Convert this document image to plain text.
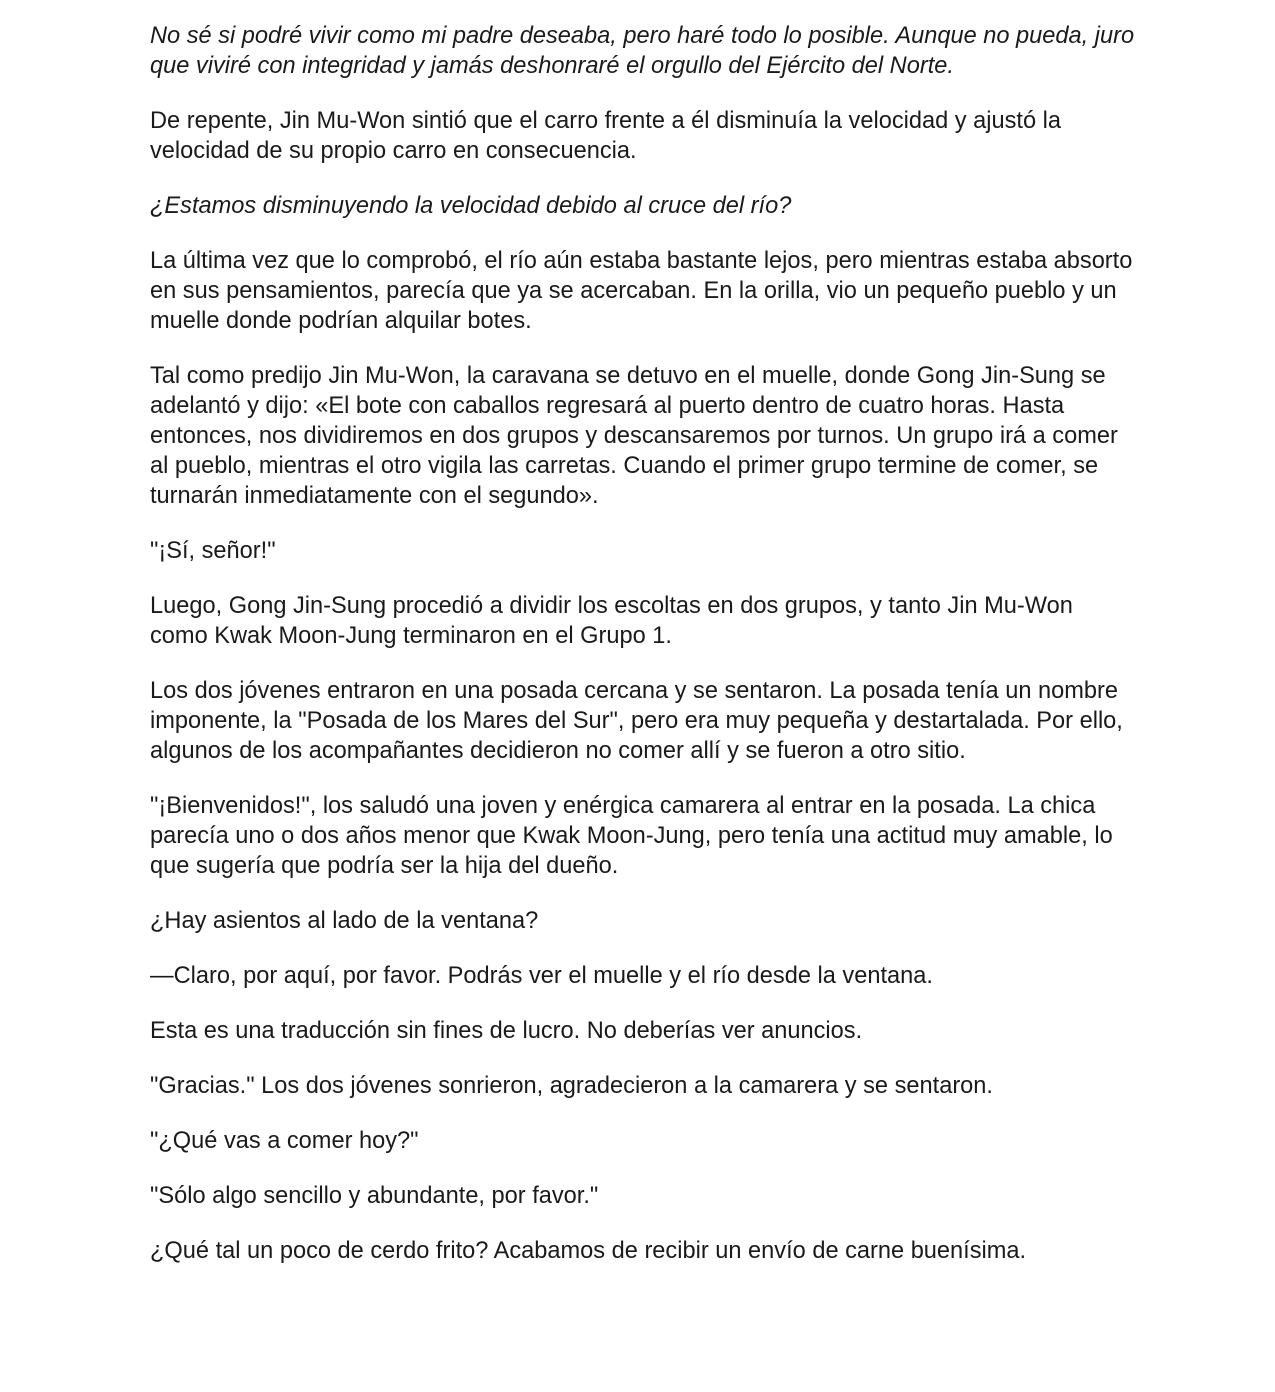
No sé si podré vivir como mi padre deseaba, pero haré todo lo posible. Aunque no pueda, juro que viviré con integridad y jamás deshonraré el orgullo del Ejército del Norte.

De repente, Jin Mu-Won sintió que el carro frente a él disminuía la velocidad y ajustó la velocidad de su propio carro en consecuencia.

¿Estamos disminuyendo la velocidad debido al cruce del río?

La última vez que lo comprobó, el río aún estaba bastante lejos, pero mientras estaba absorto en sus pensamientos, parecía que ya se acercaban. En la orilla, vio un pequeño pueblo y un muelle donde podrían alquilar botes.

Tal como predijo Jin Mu-Won, la caravana se detuvo en el muelle, donde Gong Jin-Sung se adelantó y dijo: «El bote con caballos regresará al puerto dentro de cuatro horas. Hasta entonces, nos dividiremos en dos grupos y descansaremos por turnos. Un grupo irá a comer al pueblo, mientras el otro vigila las carretas. Cuando el primer grupo termine de comer, se turnarán inmediatamente con el segundo».

"¡Sí, señor!"

Luego, Gong Jin-Sung procedió a dividir los escoltas en dos grupos, y tanto Jin Mu-Won como Kwak Moon-Jung terminaron en el Grupo 1.

Los dos jóvenes entraron en una posada cercana y se sentaron. La posada tenía un nombre imponente, la "Posada de los Mares del Sur", pero era muy pequeña y destartalada. Por ello, algunos de los acompañantes decidieron no comer allí y se fueron a otro sitio.

"¡Bienvenidos!", los saludó una joven y enérgica camarera al entrar en la posada. La chica parecía uno o dos años menor que Kwak Moon-Jung, pero tenía una actitud muy amable, lo que sugería que podría ser la hija del dueño.

¿Hay asientos al lado de la ventana?

—Claro, por aquí, por favor. Podrás ver el muelle y el río desde la ventana.

Esta es una traducción sin fines de lucro. No deberías ver anuncios.

"Gracias." Los dos jóvenes sonrieron, agradecieron a la camarera y se sentaron.

"¿Qué vas a comer hoy?"

"Sólo algo sencillo y abundante, por favor."

¿Qué tal un poco de cerdo frito? Acabamos de recibir un envío de carne buenísima.
